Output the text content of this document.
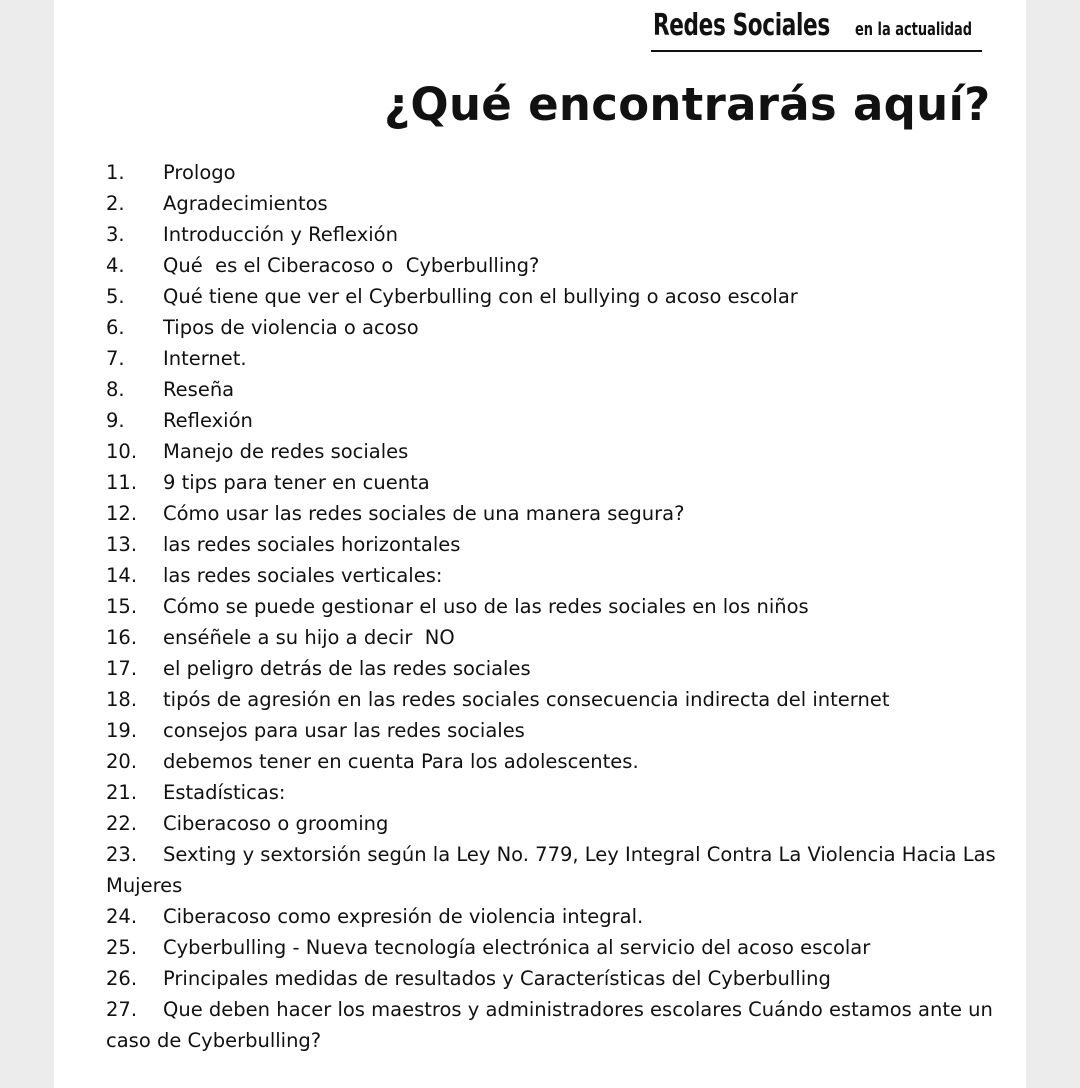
Redes Sociales en la actualidad
¿Qué encontrarás aquí?
1. Prologo
2. Agradecimientos
3. Introducción y Reflexión
4. Qué  es el Ciberacoso o  Cyberbulling?
5. Qué tiene que ver el Cyberbulling con el bullying o acoso escolar
6. Tipos de violencia o acoso
7. Internet.
8. Reseña
9. Reflexión
10. Manejo de redes sociales
11. 9 tips para tener en cuenta
12. Cómo usar las redes sociales de una manera segura?
13. las redes sociales horizontales
14. las redes sociales verticales:
15. Cómo se puede gestionar el uso de las redes sociales en los niños
16. enséñele a su hijo a decir  NO
17. el peligro detrás de las redes sociales
18. tipós de agresión en las redes sociales consecuencia indirecta del internet
19. consejos para usar las redes sociales
20. debemos tener en cuenta Para los adolescentes.
21. Estadísticas:
22. Ciberacoso o grooming
23. Sexting y sextorsión según la Ley No. 779, Ley Integral Contra La Violencia Hacia Las Mujeres
24. Ciberacoso como expresión de violencia integral.
25. Cyberbulling - Nueva tecnología electrónica al servicio del acoso escolar
26. Principales medidas de resultados y Características del Cyberbulling
27. Que deben hacer los maestros y administradores escolares Cuándo estamos ante un caso de Cyberbulling?
